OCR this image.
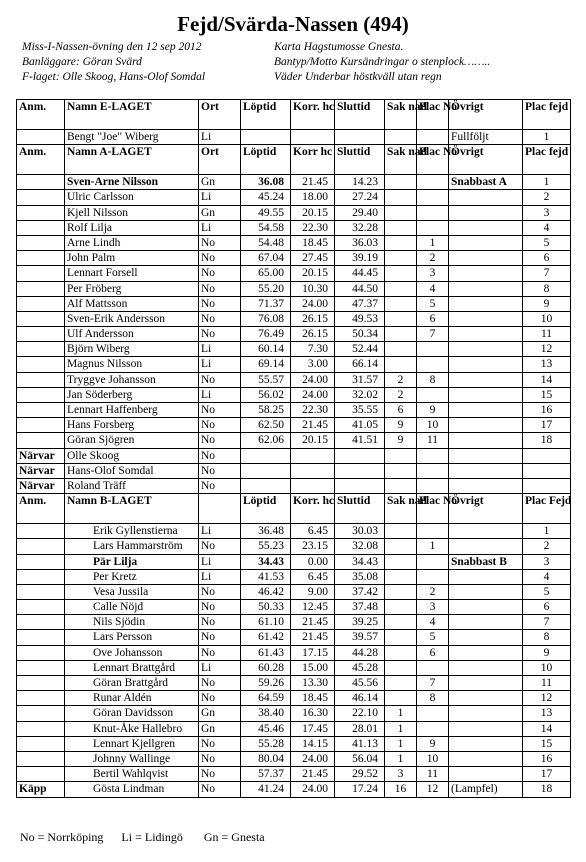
Fejd/Svärda-Nassen (494)
Miss-I-Nassen-övning den 12 sep 2012
Banläggare: Göran Svärd
F-laget: Olle Skoog, Hans-Olof Somdal
Karta Hagstumosse Gnesta.
Bantyp/Motto Kursändringar o stenplock……..
Väder Underbar höstkväll utan regn
Anm.	Namn E-LAGET	Ort	Löptid	Korr. hc	Sluttid	Sak nad	Plac No	Övrigt	Plac fejd
	Bengt "Joe" Wiberg	Li						Fullföljt	1
Anm.	Namn A-LAGET	Ort	Löptid	Korr hc	Sluttid	Sak nad	Plac No	Övrigt	Plac fejd
	Sven-Arne Nilsson	Gn	36.08	21.45	14.23			Snabbast A	1
	Ulric Carlsson	Li	45.24	18.00	27.24				2
	Kjell Nilsson	Gn	49.55	20.15	29.40				3
	Rolf Lilja	Li	54.58	22.30	32.28				4
	Arne Lindh	No	54.48	18.45	36.03		1		5
	John Palm	No	67.04	27.45	39.19		2		6
	Lennart Forsell	No	65.00	20.15	44.45		3		7
	Per Fröberg	No	55.20	10.30	44.50		4		8
	Alf Mattsson	No	71.37	24.00	47.37		5		9
	Sven-Erik Andersson	No	76.08	26.15	49.53		6		10
	Ulf Andersson	No	76.49	26.15	50.34		7		11
	Björn Wiberg	Li	60.14	7.30	52.44				12
	Magnus Nilsson	Li	69.14	3.00	66.14				13
	Tryggve Johansson	No	55.57	24.00	31.57	2	8		14
	Jan Söderberg	Li	56.02	24.00	32.02	2			15
	Lennart Haffenberg	No	58.25	22.30	35.55	6	9		16
	Hans Forsberg	No	62.50	21.45	41.05	9	10		17
	Göran Sjögren	No	62.06	20.15	41.51	9	11		18
Närvar	Olle Skoog	No							
Närvar	Hans-Olof Somdal	No							
Närvar	Roland Träff	No							
Anm.	Namn B-LAGET		Löptid	Korr. hc	Sluttid	Sak nad	Plac No	Övrigt	Plac Fejd
	Erik Gyllenstierna	Li	36.48	6.45	30.03				1
	Lars Hammarström	No	55.23	23.15	32.08		1		2
	Pär Lilja	Li	34.43	0.00	34.43			Snabbast B	3
	Per Kretz	Li	41.53	6.45	35.08				4
	Vesa Jussila	No	46.42	9.00	37.42		2		5
	Calle Nöjd	No	50.33	12.45	37.48		3		6
	Nils Sjödin	No	61.10	21.45	39.25		4		7
	Lars Persson	No	61.42	21.45	39.57		5		8
	Ove Johansson	No	61.43	17.15	44.28		6		9
	Lennart Brattgård	Li	60.28	15.00	45.28				10
	Göran Brattgård	No	59.26	13.30	45.56		7		11
	Runar Aldén	No	64.59	18.45	46.14		8		12
	Göran Davidsson	Gn	38.40	16.30	22.10	1			13
	Knut-Åke Hallebro	Gn	45.46	17.45	28.01	1			14
	Lennart Kjellgren	No	55.28	14.15	41.13	1	9		15
	Johnny Wallinge	No	80.04	24.00	56.04	1	10		16
	Bertil Wahlqvist	No	57.37	21.45	29.52	3	11		17
Käpp	Gösta Lindman	No	41.24	24.00	17.24	16	12	(Lampfel)	18
No = Norrköping      Li = Lidingö       Gn = Gnesta
